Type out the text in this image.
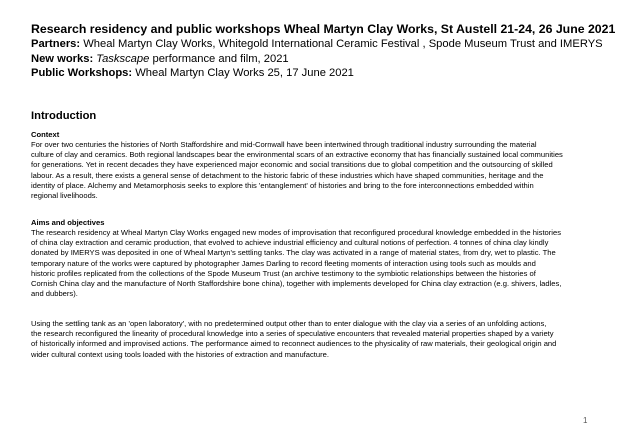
Research residency and public workshops Wheal Martyn Clay Works, St Austell 21-24, 26 June 2021

Partners: Wheal Martyn Clay Works, Whitegold International Ceramic Festival , Spode Museum Trust and IMERYS

New works: Taskscape performance and film, 2021

Public Workshops: Wheal Martyn Clay Works 25, 17 June 2021

Introduction

Context

For over two centuries the histories of North Staffordshire and mid-Cornwall have been intertwined through traditional industry surrounding the material
culture of clay and ceramics. Both regional landscapes bear the environmental scars of an extractive economy that has financially sustained local communities
for generations. Yet in recent decades they have experienced major economic and social transitions due to global competition and the outsourcing of skilled
labour. As a result, there exists a general sense of detachment to the historic fabric of these industries which have shaped communities, heritage and the
identity of place. Alchemy and Metamorphosis seeks to explore this 'entanglement' of histories and bring to the fore interconnections embedded within
regional livelihoods.

Aims and objectives

The research residency at Wheal Martyn Clay Works engaged new modes of improvisation that reconfigured procedural knowledge embedded in the histories
of china clay extraction and ceramic production, that evolved to achieve industrial efficiency and cultural notions of perfection. 4 tonnes of china clay kindly
donated by IMERYS was deposited in one of Wheal Martyn's settling tanks. The clay was activated in a range of material states, from dry, wet to plastic. The
temporary nature of the works were captured by photographer James Darling to record fleeting moments of interaction using tools such as moulds and
historic profiles replicated from the collections of the Spode Museum Trust (an archive testimony to the symbiotic relationships between the histories of
Cornish China clay and the manufacture of North Staffordshire bone china), together with implements developed for China clay extraction (e.g. shivers, ladles,
and dubbers).

Using the settling tank as an 'open laboratory', with no predetermined output other than to enter dialogue with the clay via a series of an unfolding actions,
the research reconfigured the linearity of procedural knowledge into a series of speculative encounters that revealed material properties shaped by a variety
of historically informed and improvised actions. The performance aimed to reconnect audiences to the physicality of raw materials, their geological origin and
wider cultural context using tools loaded with the histories of extraction and manufacture.

1
